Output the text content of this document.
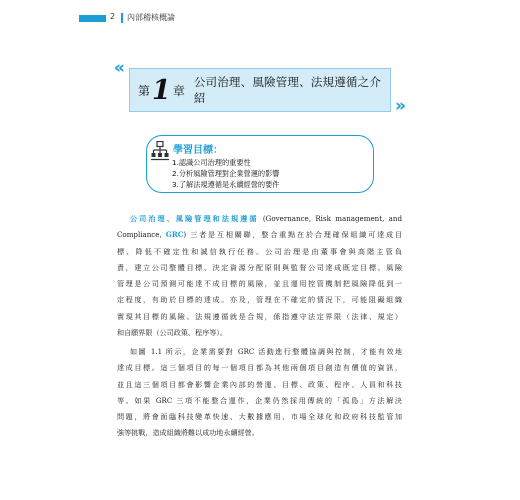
2 內部稽核概論
«
第 1 章
公司治理、風險管理、法規遵循之介紹	»
學習目標：
1.認識公司治理的重要性
2.分析風險管理對企業營運的影響
3.了解法規遵循是永續經營的要件
公司治理、風險管理和法規遵循 (Governance, Risk management, and
Compliance, GRC) 三者是互相關聯，整合重點在於合理確保組織可達成目
標、降低不確定性和誠信執行任務。公司治理是由董事會與高階主管負
責，建立公司整體目標、決定資源分配原則與監督公司達成既定目標。風險
管理是公司預測可能達不成目標的風險，並且運用控管機制把風險降低到一
定程度，有助於目標的達成。亦及，管理在不確定的情況下，可能阻礙組織
實現其目標的風險。法規遵循就是合規，係指遵守法定界限（法律、規定）
和自願界限（公司政策、程序等）。
如圖 1.1 所示，企業需要對 GRC 活動進行整體協調與控制，才能有效地
達成目標。這三個項目的每一個項目都為其他兩個項目創造有價值的資訊，
並且這三個項目都會影響企業內部的營運、目標、政策、程序、人員和科技
等。如果 GRC 三項不能整合運作，企業仍然採用傳統的「孤島」方法解決
問題，將會面臨科技變革快速、大數據應用、市場全球化和政府科技監管加
強等挑戰，造成組織將難以成功地永續經營。
